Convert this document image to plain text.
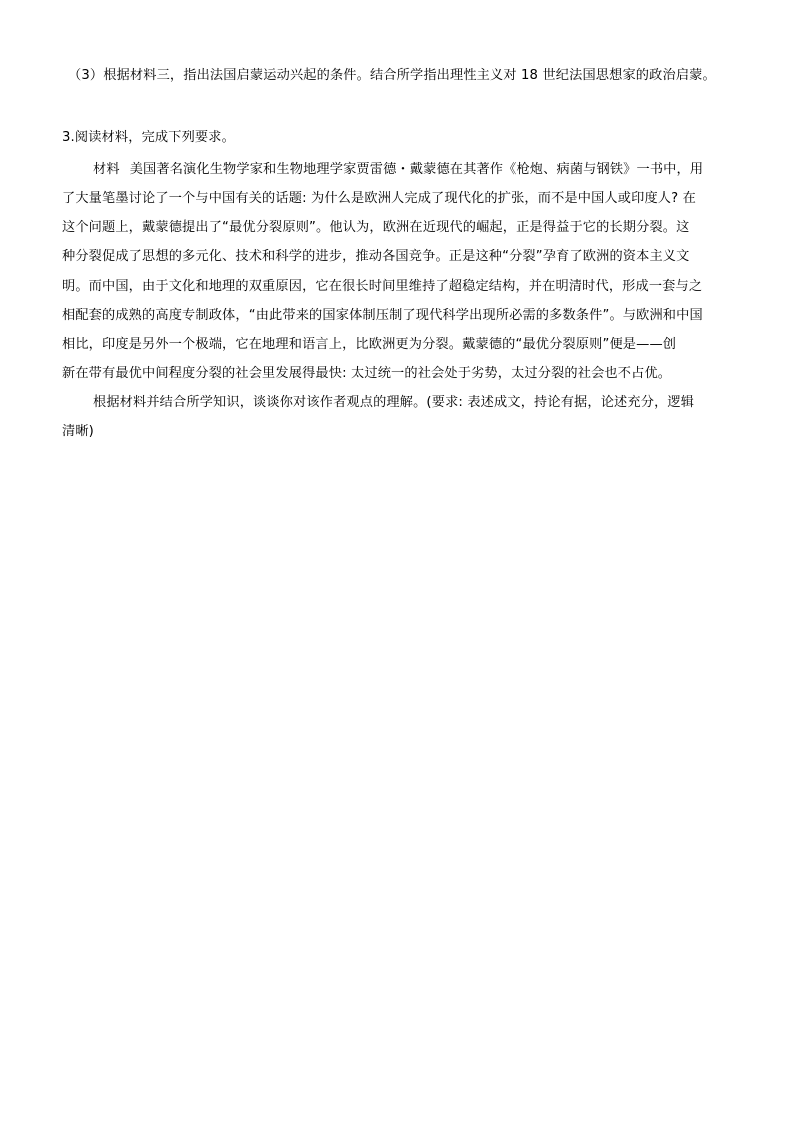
（3）根据材料三，指出法国启蒙运动兴起的条件。结合所学指出理性主义对 18 世纪法国思想家的政治启蒙。
3.阅读材料，完成下列要求。
材料 美国著名演化生物学家和生物地理学家贾雷德・戴蒙德在其著作《枪炮、病菌与钢铁》一书中，用
了大量笔墨讨论了一个与中国有关的话题: 为什么是欧洲人完成了现代化的扩张，而不是中国人或印度人? 在
这个问题上，戴蒙德提出了“最优分裂原则”。他认为，欧洲在近现代的崛起，正是得益于它的长期分裂。这
种分裂促成了思想的多元化、技术和科学的进步，推动各国竞争。正是这种“分裂”孕育了欧洲的资本主义文
明。而中国，由于文化和地理的双重原因，它在很长时间里维持了超稳定结构，并在明清时代，形成一套与之
相配套的成熟的高度专制政体，“由此带来的国家体制压制了现代科学出现所必需的多数条件”。与欧洲和中国
相比，印度是另外一个极端，它在地理和语言上，比欧洲更为分裂。戴蒙德的“最优分裂原则”便是——创
新在带有最优中间程度分裂的社会里发展得最快: 太过统一的社会处于劣势，太过分裂的社会也不占优。
根据材料并结合所学知识，谈谈你对该作者观点的理解。(要求: 表述成文，持论有据，论述充分，逻辑
清晰)
